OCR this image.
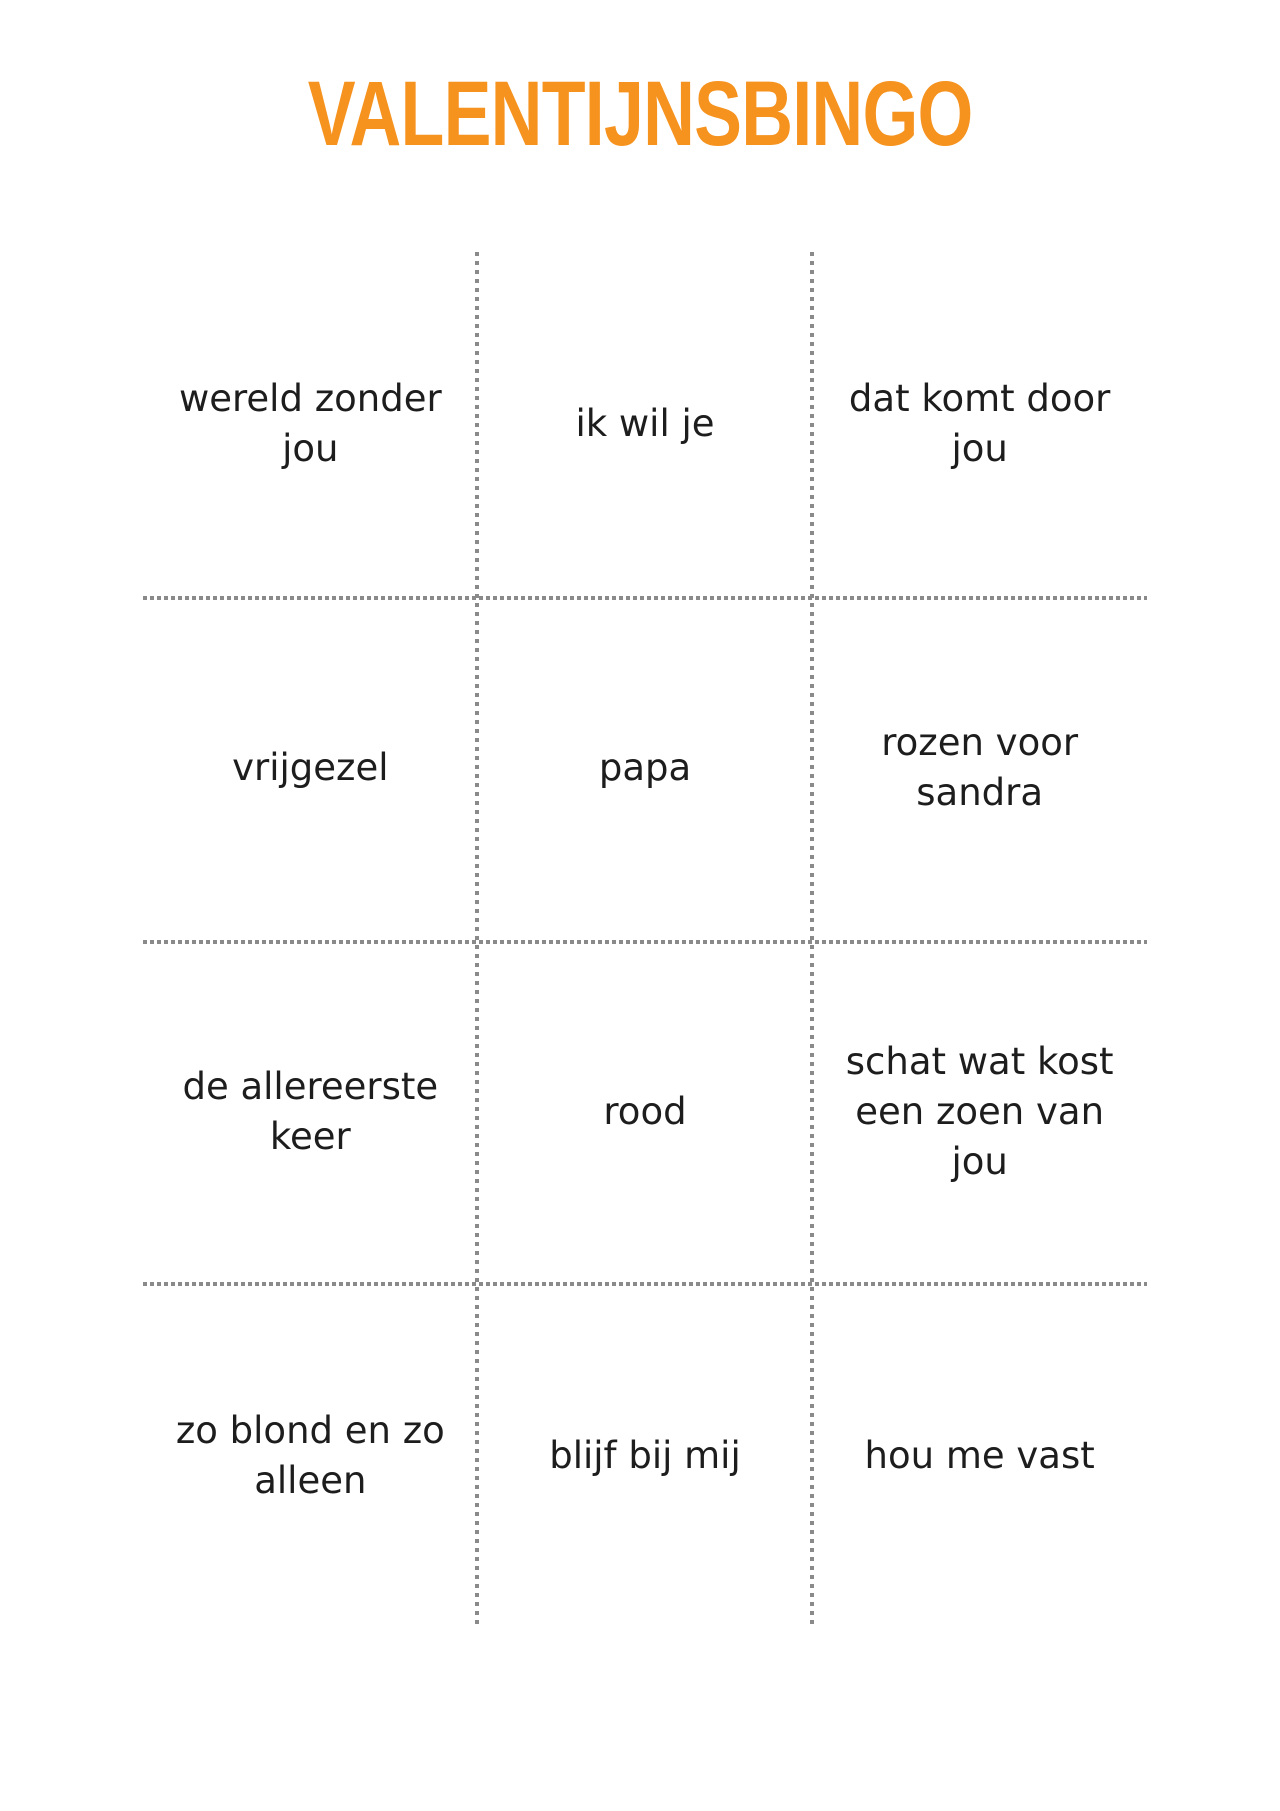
VALENTIJNSBINGO
wereld zonder jou
ik wil je
dat komt door jou
vrijgezel	papa
rozen voor sandra
de allereerste keer
rood
schat wat kost een zoen van jou
zo blond en zo alleen
blijf bij mij	hou me vast
